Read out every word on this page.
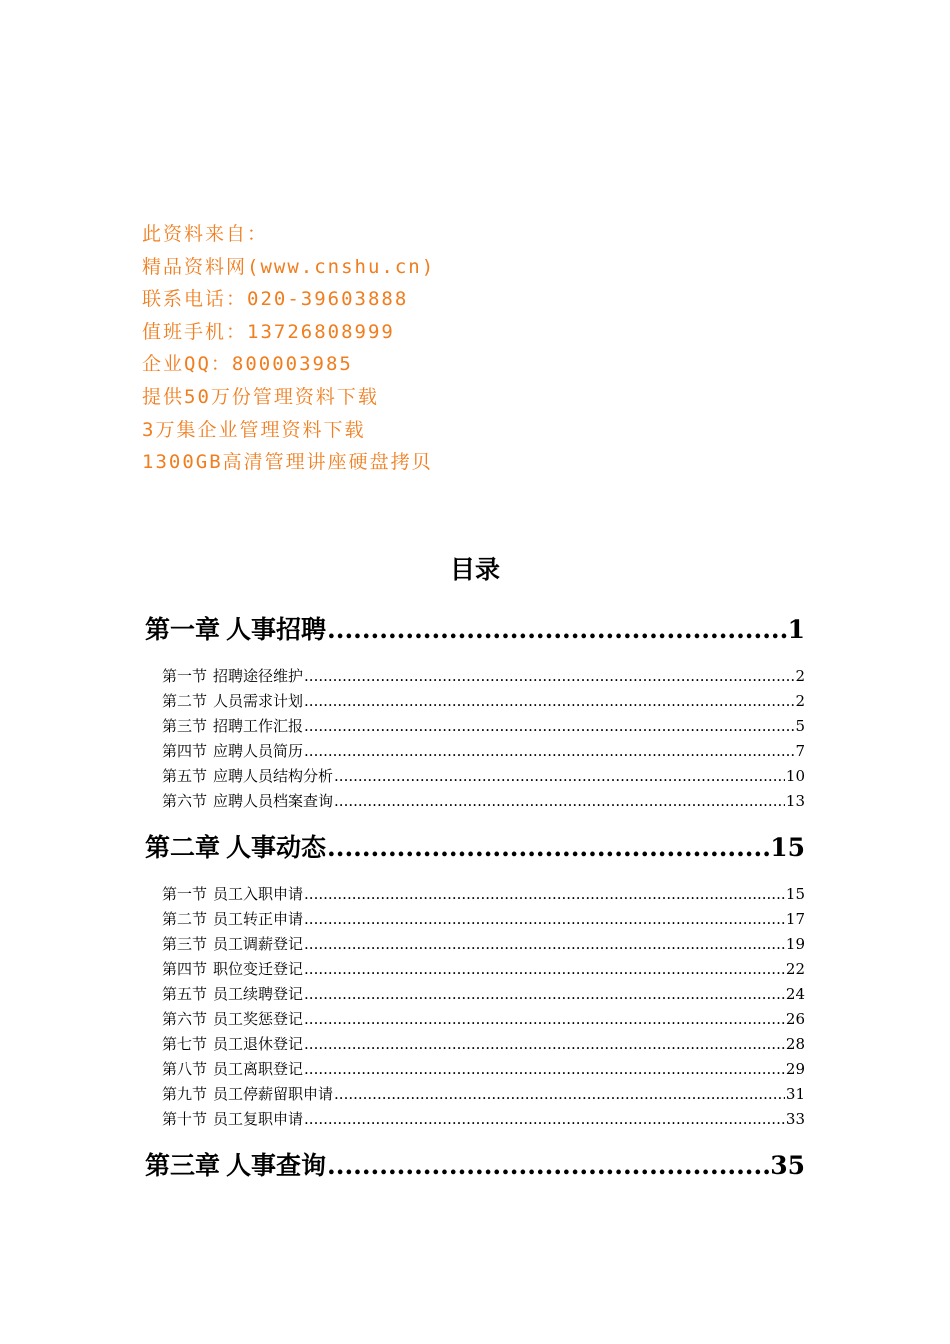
此资料来自：
精品资料网(www.cnshu.cn)
联系电话：020-39603888
值班手机：13726808999
企业QQ：800003985
提供50万份管理资料下载
3万集企业管理资料下载
1300GB高清管理讲座硬盘拷贝
目录
第一章 人事招聘 .....	1
第一节 招聘途径维护 .....	2
第二节 人员需求计划 .....	2
第三节 招聘工作汇报 .....	5
第四节 应聘人员简历 .....	7
第五节 应聘人员结构分析 .....	10
第六节 应聘人员档案查询 .....	13
第二章 人事动态 .....	15
第一节 员工入职申请 .....	15
第二节 员工转正申请 .....	17
第三节 员工调薪登记 .....	19
第四节 职位变迁登记 .....	22
第五节 员工续聘登记 .....	24
第六节 员工奖惩登记 .....	26
第七节 员工退休登记 .....	28
第八节 员工离职登记 .....	29
第九节 员工停薪留职申请 .....	31
第十节 员工复职申请 .....	33
第三章 人事查询 .....	35
